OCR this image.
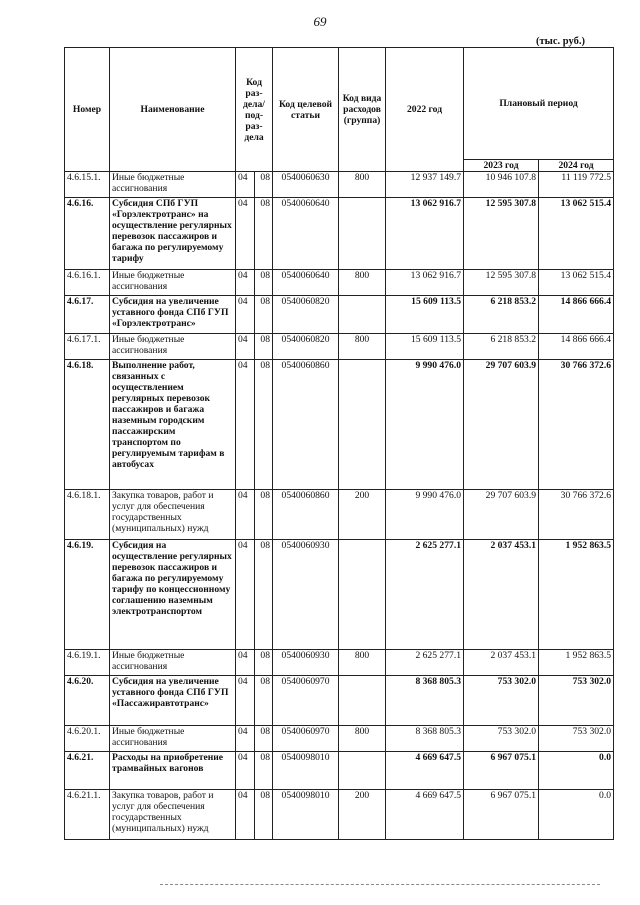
69
(тыс. руб.)
Номер	Наименование	Код раз-дела/ под-раз-дела		Код целевой статьи	Код вида расходов (группа)	2022 год	Плановый период	
							2023 год	2024 год
4.6.15.1.	Иные бюджетные ассигнования	04	08	0540060630	800	12 937 149.7	10 946 107.8	11 119 772.5
4.6.16.	Субсидия СПб ГУП «Горэлектротранс» на осуществление регулярных перевозок пассажиров и багажа по регулируемому тарифу	04	08	0540060640		13 062 916.7	12 595 307.8	13 062 515.4
4.6.16.1.	Иные бюджетные ассигнования	04	08	0540060640	800	13 062 916.7	12 595 307.8	13 062 515.4
4.6.17.	Субсидия на увеличение уставного фонда СПб ГУП «Горэлектротранс»	04	08	0540060820		15 609 113.5	6 218 853.2	14 866 666.4
4.6.17.1.	Иные бюджетные ассигнования	04	08	0540060820	800	15 609 113.5	6 218 853.2	14 866 666.4
4.6.18.	Выполнение работ, связанных с осуществлением регулярных перевозок пассажиров и багажа наземным городским пассажирским транспортом по регулируемым тарифам в автобусах	04	08	0540060860		9 990 476.0	29 707 603.9	30 766 372.6
4.6.18.1.	Закупка товаров, работ и услуг для обеспечения государственных (муниципальных) нужд	04	08	0540060860	200	9 990 476.0	29 707 603.9	30 766 372.6
4.6.19.	Субсидия на осуществление регулярных перевозок пассажиров и багажа по регулируемому тарифу по концессионному соглашению наземным электротранспортом	04	08	0540060930		2 625 277.1	2 037 453.1	1 952 863.5
4.6.19.1.	Иные бюджетные ассигнования	04	08	0540060930	800	2 625 277.1	2 037 453.1	1 952 863.5
4.6.20.	Субсидия на увеличение уставного фонда СПб ГУП «Пассажиравтотранс»	04	08	0540060970		8 368 805.3	753 302.0	753 302.0
4.6.20.1.	Иные бюджетные ассигнования	04	08	0540060970	800	8 368 805.3	753 302.0	753 302.0
4.6.21.	Расходы на приобретение трамвайных вагонов	04	08	0540098010		4 669 647.5	6 967 075.1	0.0
4.6.21.1.	Закупка товаров, работ и услуг для обеспечения государственных (муниципальных) нужд	04	08	0540098010	200	4 669 647.5	6 967 075.1	0.0
